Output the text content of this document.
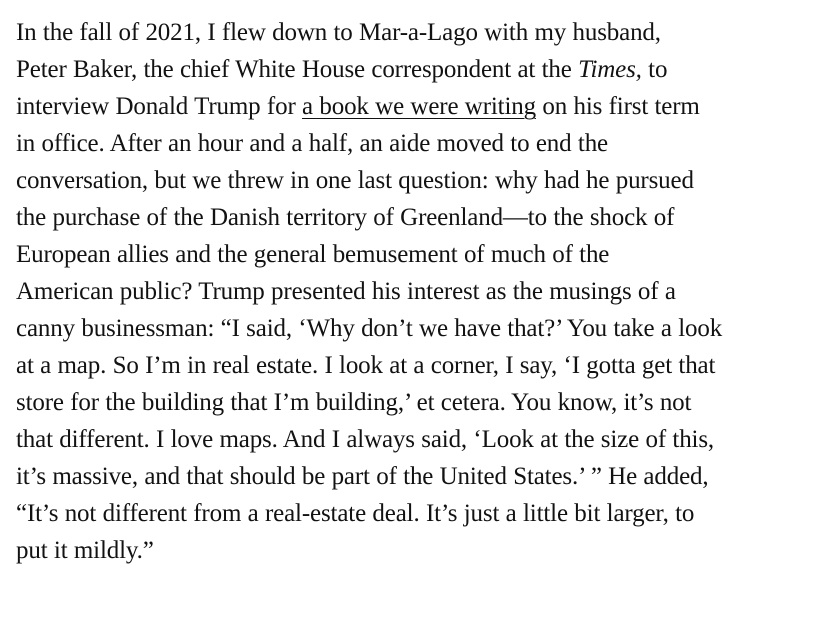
In the fall of 2021, I flew down to Mar-a-Lago with my husband,
Peter Baker, the chief White House correspondent at the Times, to
interview Donald Trump for a book we were writing on his first term
in office. After an hour and a half, an aide moved to end the
conversation, but we threw in one last question: why had he pursued
the purchase of the Danish territory of Greenland—to the shock of
European allies and the general bemusement of much of the
American public? Trump presented his interest as the musings of a
canny businessman: “I said, ‘Why don’t we have that?’ You take a look
at a map. So I’m in real estate. I look at a corner, I say, ‘I gotta get that
store for the building that I’m building,’ et cetera. You know, it’s not
that different. I love maps. And I always said, ‘Look at the size of this,
it’s massive, and that should be part of the United States.’ ” He added,
“It’s not different from a real-estate deal. It’s just a little bit larger, to
put it mildly.”
